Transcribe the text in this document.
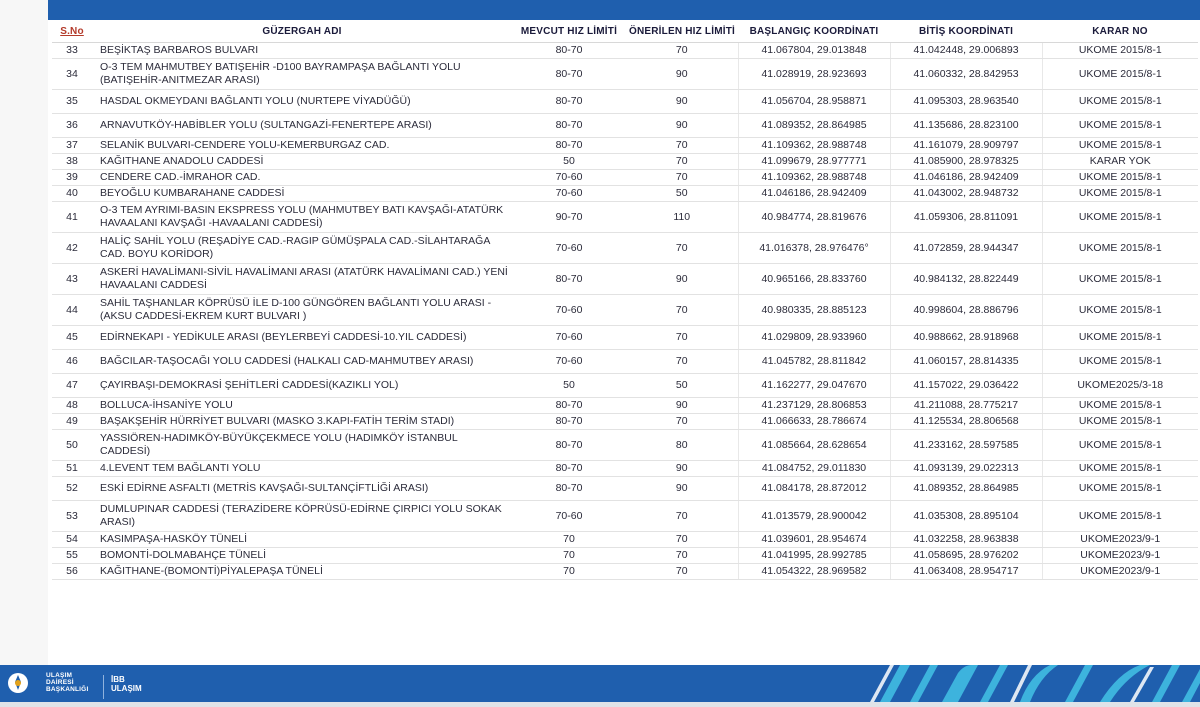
S.No	GÜZERGAH ADI	MEVCUT HIZ LİMİTİ	ÖNERİLEN HIZ LİMİTİ	BAŞLANGIÇ KOORDİNATI	BİTİŞ KOORDİNATI	KARAR NO
33	BEŞİKTAŞ BARBAROS BULVARI	80-70	70	41.067804, 29.013848	41.042448, 29.006893	UKOME 2015/8-1
34	O-3 TEM MAHMUTBEY BATIŞEHİR -D100 BAYRAMPAŞA BAĞLANTI YOLU (BATIŞEHİR-ANITMEZAR ARASI)	80-70	90	41.028919, 28.923693	41.060332, 28.842953	UKOME 2015/8-1
35	HASDAL OKMEYDANI BAĞLANTI YOLU (NURTEPE VİYADÜĞÜ)	80-70	90	41.056704, 28.958871	41.095303, 28.963540	UKOME 2015/8-1
36	ARNAVUTKÖY-HABİBLER YOLU (SULTANGAZİ-FENERTEPE ARASI)	80-70	90	41.089352, 28.864985	41.135686, 28.823100	UKOME 2015/8-1
37	SELANİK BULVARI-CENDERE YOLU-KEMERBURGAZ CAD.	80-70	70	41.109362, 28.988748	41.161079, 28.909797	UKOME 2015/8-1
38	KAĞITHANE ANADOLU CADDESİ	50	70	41.099679, 28.977771	41.085900, 28.978325	KARAR YOK
39	CENDERE CAD.-İMRAHOR CAD.	70-60	70	41.109362, 28.988748	41.046186, 28.942409	UKOME 2015/8-1
40	BEYOĞLU KUMBARAHANE CADDESİ	70-60	50	41.046186, 28.942409	41.043002, 28.948732	UKOME 2015/8-1
41	O-3 TEM AYRIMI-BASIN EKSPRESS YOLU (MAHMUTBEY BATI KAVŞAĞI-ATATÜRK HAVAALANI KAVŞAĞI -HAVAALANI CADDESİ)	90-70	110	40.984774, 28.819676	41.059306, 28.811091	UKOME 2015/8-1
42	HALİÇ SAHİL YOLU (REŞADİYE CAD.-RAGIP GÜMÜŞPALA CAD.-SİLAHTARAĞA CAD. BOYU KORİDOR)	70-60	70	41.016378, 28.976476°	41.072859, 28.944347	UKOME 2015/8-1
43	ASKERİ HAVALİMANI-SİVİL HAVALİMANI ARASI (ATATÜRK HAVALİMANI CAD.) YENİ HAVAALANI CADDESİ	80-70	90	40.965166, 28.833760	40.984132, 28.822449	UKOME 2015/8-1
44	SAHİL TAŞHANLAR KÖPRÜSÜ İLE D-100 GÜNGÖREN BAĞLANTI YOLU ARASI - (AKSU CADDESİ-EKREM KURT BULVARI )	70-60	70	40.980335, 28.885123	40.998604, 28.886796	UKOME 2015/8-1
45	EDİRNEKAPI - YEDİKULE ARASI (BEYLERBEYİ CADDESİ-10.YIL CADDESİ)	70-60	70	41.029809, 28.933960	40.988662, 28.918968	UKOME 2015/8-1
46	BAĞCILAR-TAŞOCAĞI YOLU CADDESİ (HALKALI CAD-MAHMUTBEY ARASI)	70-60	70	41.045782, 28.811842	41.060157, 28.814335	UKOME 2015/8-1
47	ÇAYIRBAŞI-DEMOKRASİ ŞEHİTLERİ CADDESİ(KAZIKLI YOL)	50	50	41.162277, 29.047670	41.157022, 29.036422	UKOME2025/3-18
48	BOLLUCA-İHSANİYE YOLU	80-70	90	41.237129, 28.806853	41.211088, 28.775217	UKOME 2015/8-1
49	BAŞAKŞEHİR HÜRRİYET BULVARI (MASKO 3.KAPI-FATİH TERİM STADI)	80-70	70	41.066633, 28.786674	41.125534, 28.806568	UKOME 2015/8-1
50	YASSIÖREN-HADIMKÖY-BÜYÜKÇEKMECE YOLU (HADIMKÖY İSTANBUL CADDESİ)	80-70	80	41.085664, 28.628654	41.233162, 28.597585	UKOME 2015/8-1
51	4.LEVENT TEM BAĞLANTI YOLU	80-70	90	41.084752, 29.011830	41.093139, 29.022313	UKOME 2015/8-1
52	ESKİ EDİRNE ASFALTI (METRİS KAVŞAĞI-SULTANÇİFTLİĞİ ARASI)	80-70	90	41.084178, 28.872012	41.089352, 28.864985	UKOME 2015/8-1
53	DUMLUPINAR CADDESİ (TERAZİDERE KÖPRÜSÜ-EDİRNE ÇIRPICI YOLU SOKAK ARASI)	70-60	70	41.013579, 28.900042	41.035308, 28.895104	UKOME 2015/8-1
54	KASIMPAŞA-HASKÖY TÜNELİ	70	70	41.039601, 28.954674	41.032258, 28.963838	UKOME2023/9-1
55	BOMONTİ-DOLMABAHÇE TÜNELİ	70	70	41.041995, 28.992785	41.058695, 28.976202	UKOME2023/9-1
56	KAĞITHANE-(BOMONTİ)PİYALEPAŞA TÜNELİ	70	70	41.054322, 28.969582	41.063408, 28.954717	UKOME2023/9-1
ULAŞIM
DAİRESİ
BAŞKANLIĞI
İBB
ULAŞIM
